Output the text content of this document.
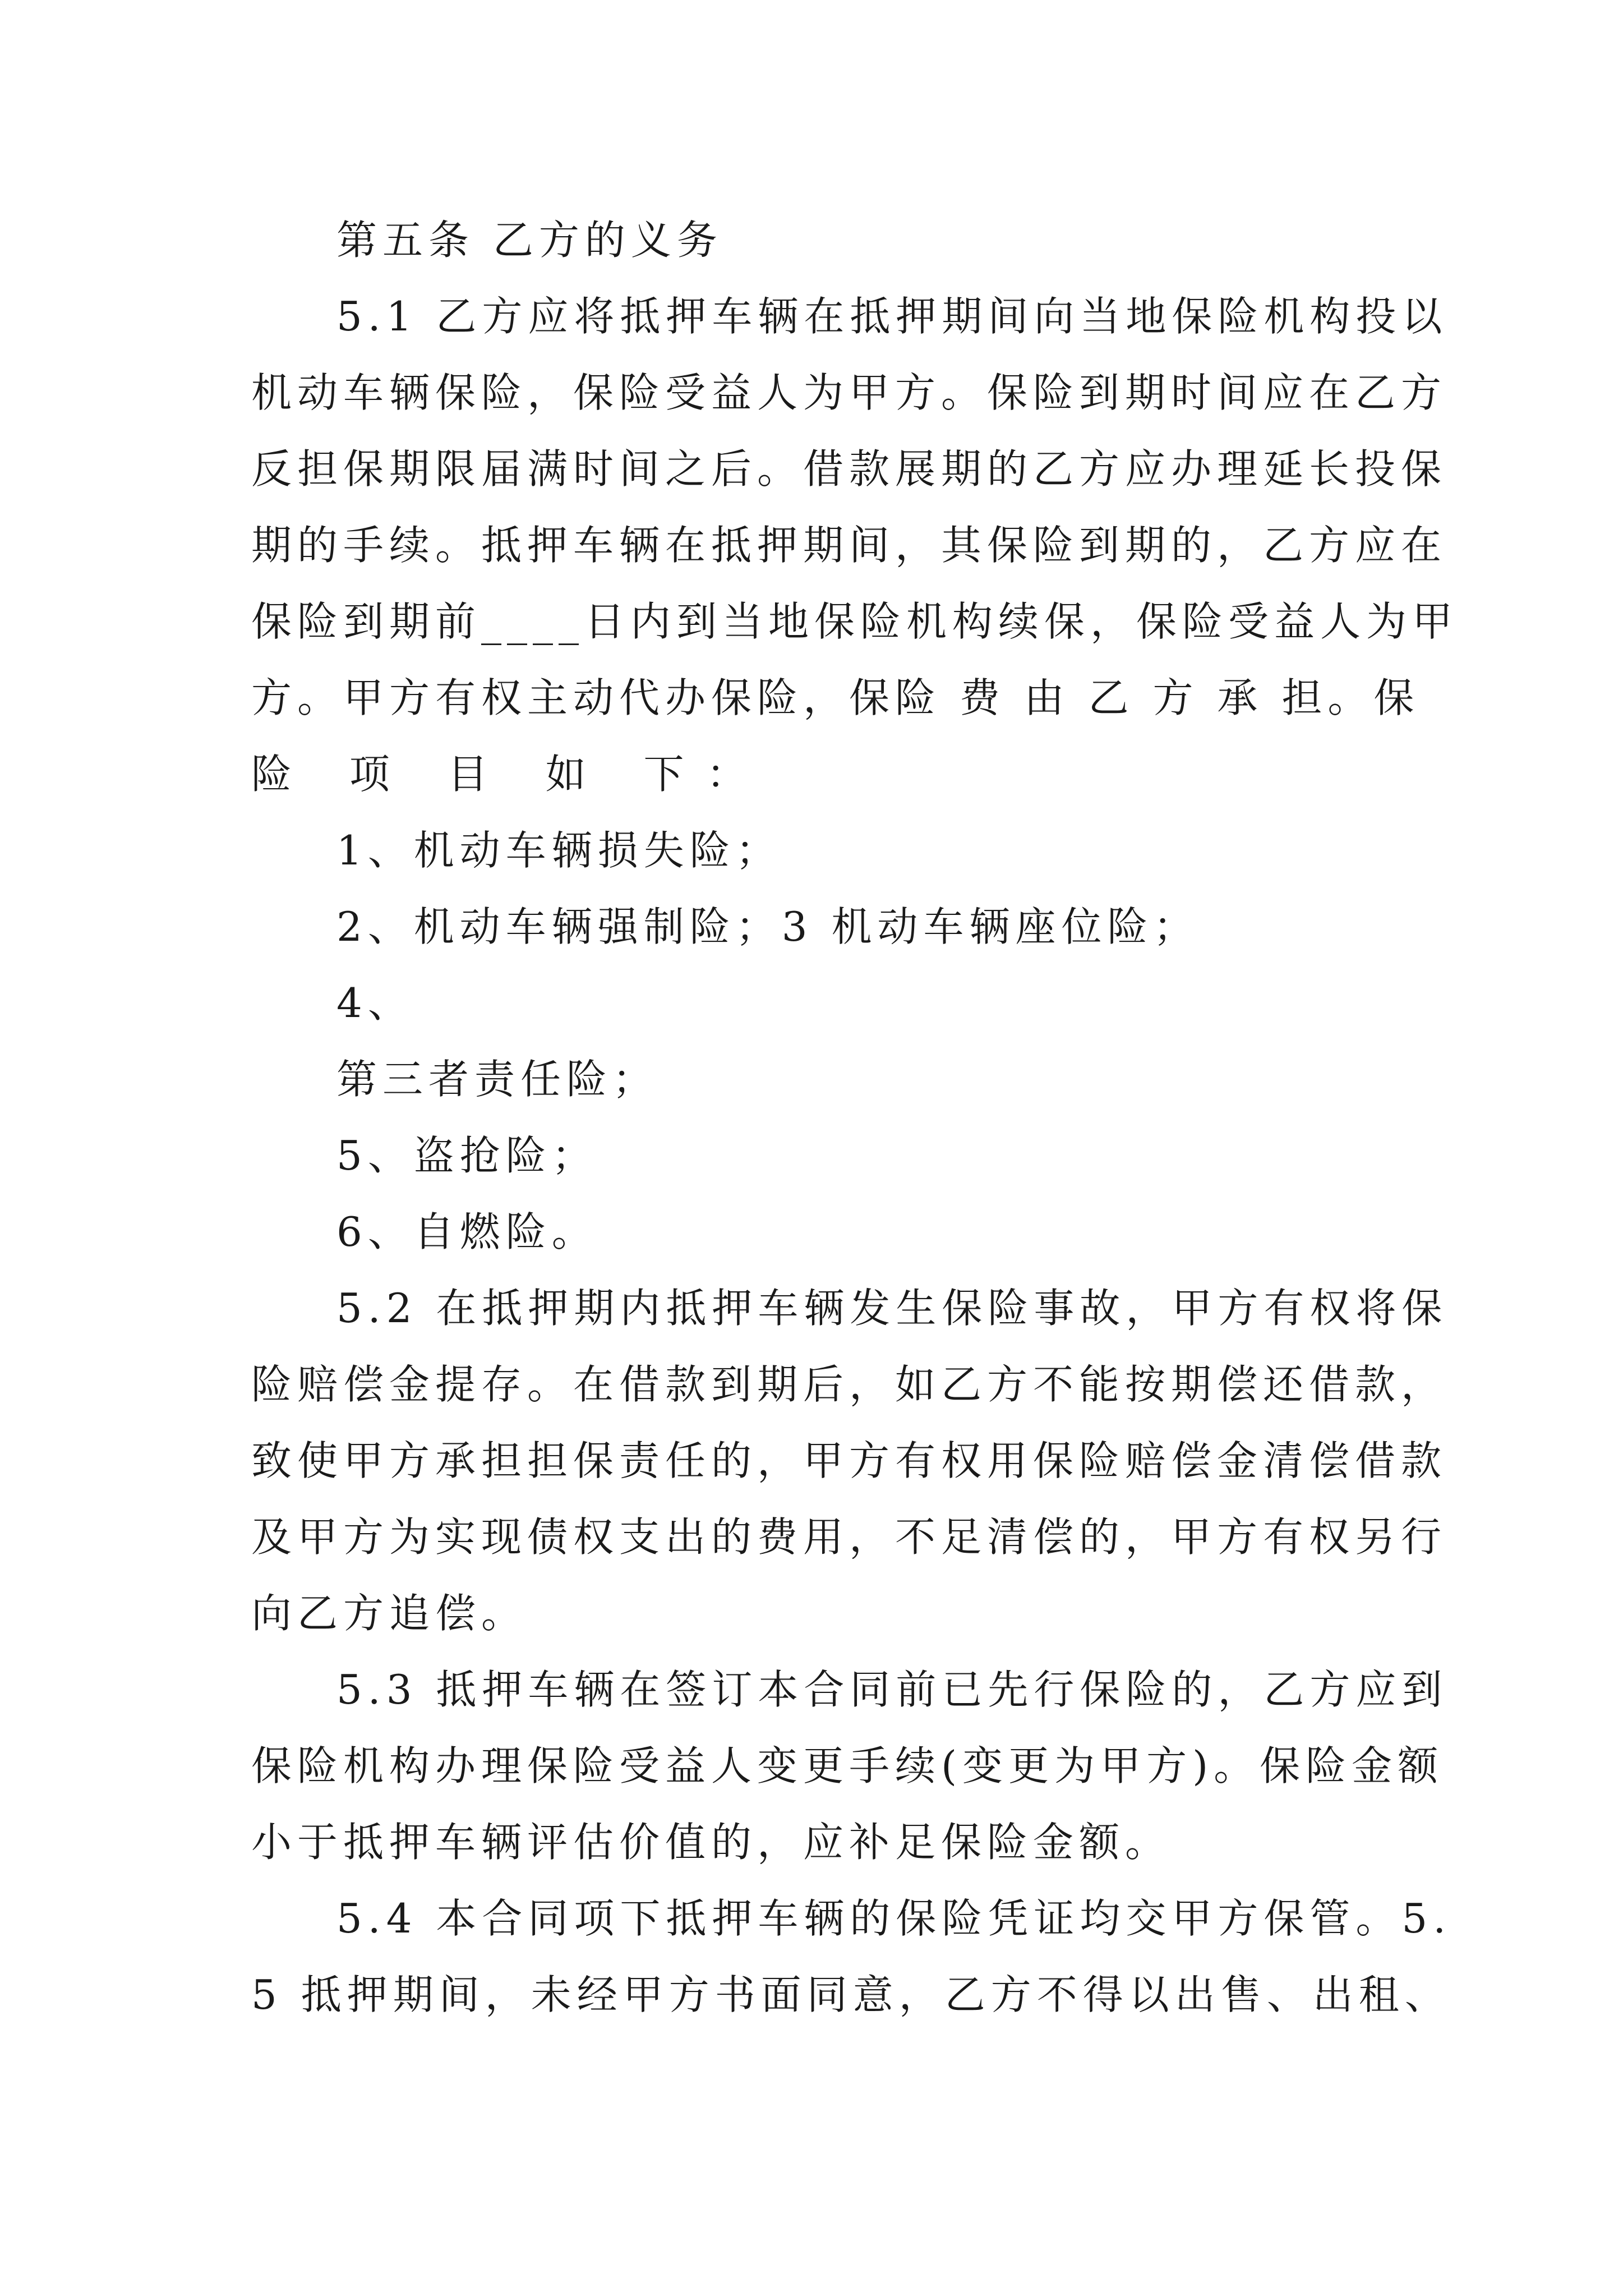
第五条 乙方的义务
5.1 乙方应将抵押车辆在抵押期间向当地保险机构投以
机动车辆保险，保险受益人为甲方。保险到期时间应在乙方
反担保期限届满时间之后。借款展期的乙方应办理延长投保
期的手续。抵押车辆在抵押期间，其保险到期的，乙方应在
保险到期前____日内到当地保险机构续保，保险受益人为甲
方。甲方有权主动代办保险，保险 费 由 乙 方 承 担。保
险 项 目 如 下：
1、机动车辆损失险；
2、机动车辆强制险；3 机动车辆座位险；
4、
第三者责任险；
5、盗抢险；
6、自燃险。
5.2 在抵押期内抵押车辆发生保险事故，甲方有权将保
险赔偿金提存。在借款到期后，如乙方不能按期偿还借款，
致使甲方承担担保责任的，甲方有权用保险赔偿金清偿借款
及甲方为实现债权支出的费用，不足清偿的，甲方有权另行
向乙方追偿。
5.3 抵押车辆在签订本合同前已先行保险的，乙方应到
保险机构办理保险受益人变更手续(变更为甲方)。保险金额
小于抵押车辆评估价值的，应补足保险金额。
5.4 本合同项下抵押车辆的保险凭证均交甲方保管。5.
5 抵押期间，未经甲方书面同意，乙方不得以出售、出租、
